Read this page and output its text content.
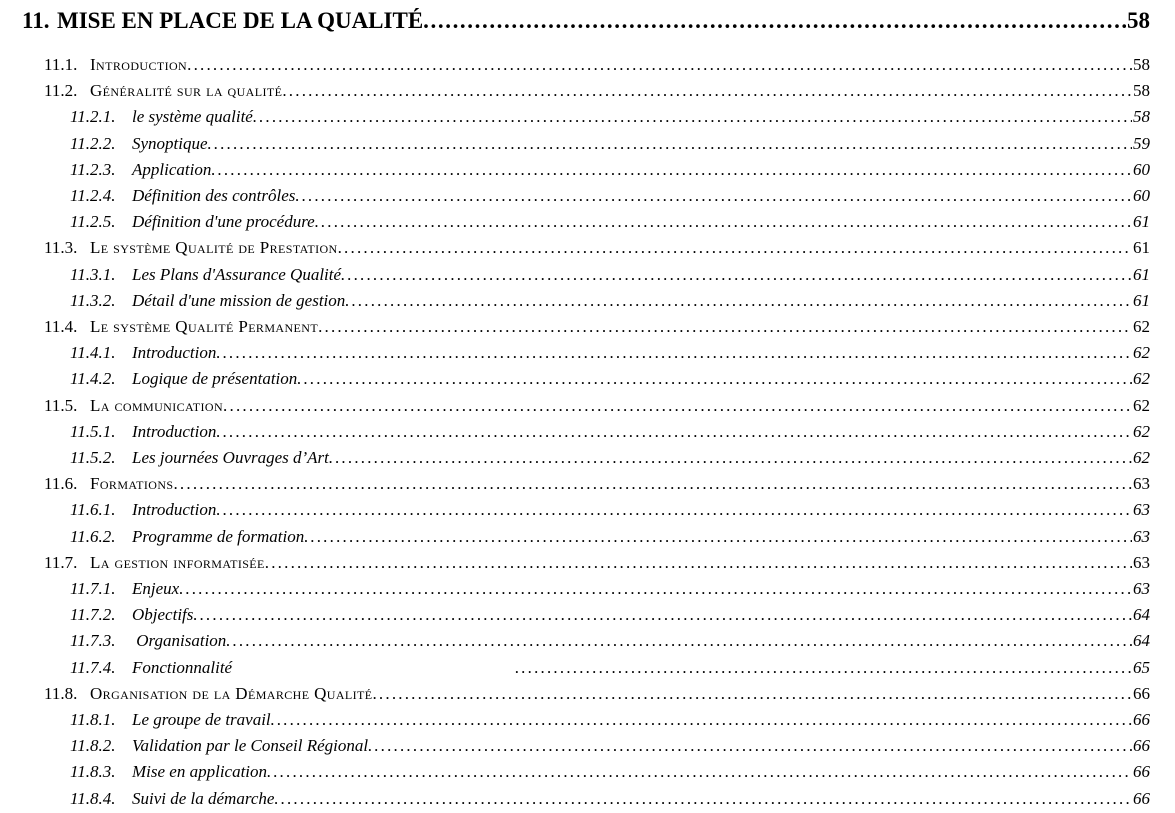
11. MISE EN PLACE DE LA QUALITÉ .....	58
11.1. Introduction .....	58
11.2. Généralité sur la qualité .....	58
11.2.1. le système qualité .....	58
11.2.2. Synoptique .....	59
11.2.3. Application .....	60
11.2.4. Définition des contrôles .....	60
11.2.5. Définition d'une procédure .....	61
11.3. Le système Qualité de Prestation .....	61
11.3.1. Les Plans d'Assurance Qualité .....	61
11.3.2. Détail d'une mission de gestion .....	61
11.4. Le système Qualité Permanent .....	62
11.4.1. Introduction .....	62
11.4.2. Logique de présentation .....	62
11.5. La communication .....	62
11.5.1. Introduction .....	62
11.5.2. Les journées Ouvrages d’Art .....	62
11.6. Formations .....	63
11.6.1. Introduction .....	63
11.6.2. Programme de formation .....	63
11.7. La gestion informatisée .....	63
11.7.1. Enjeux .....	63
11.7.2. Objectifs .....	64
11.7.3. Organisation .....	64
11.7.4. Fonctionnalité .....	65
11.8. Organisation de la Démarche Qualité .....	66
11.8.1. Le groupe de travail .....	66
11.8.2. Validation par le Conseil Régional .....	66
11.8.3. Mise en application .....	66
11.8.4. Suivi de la démarche .....	66
